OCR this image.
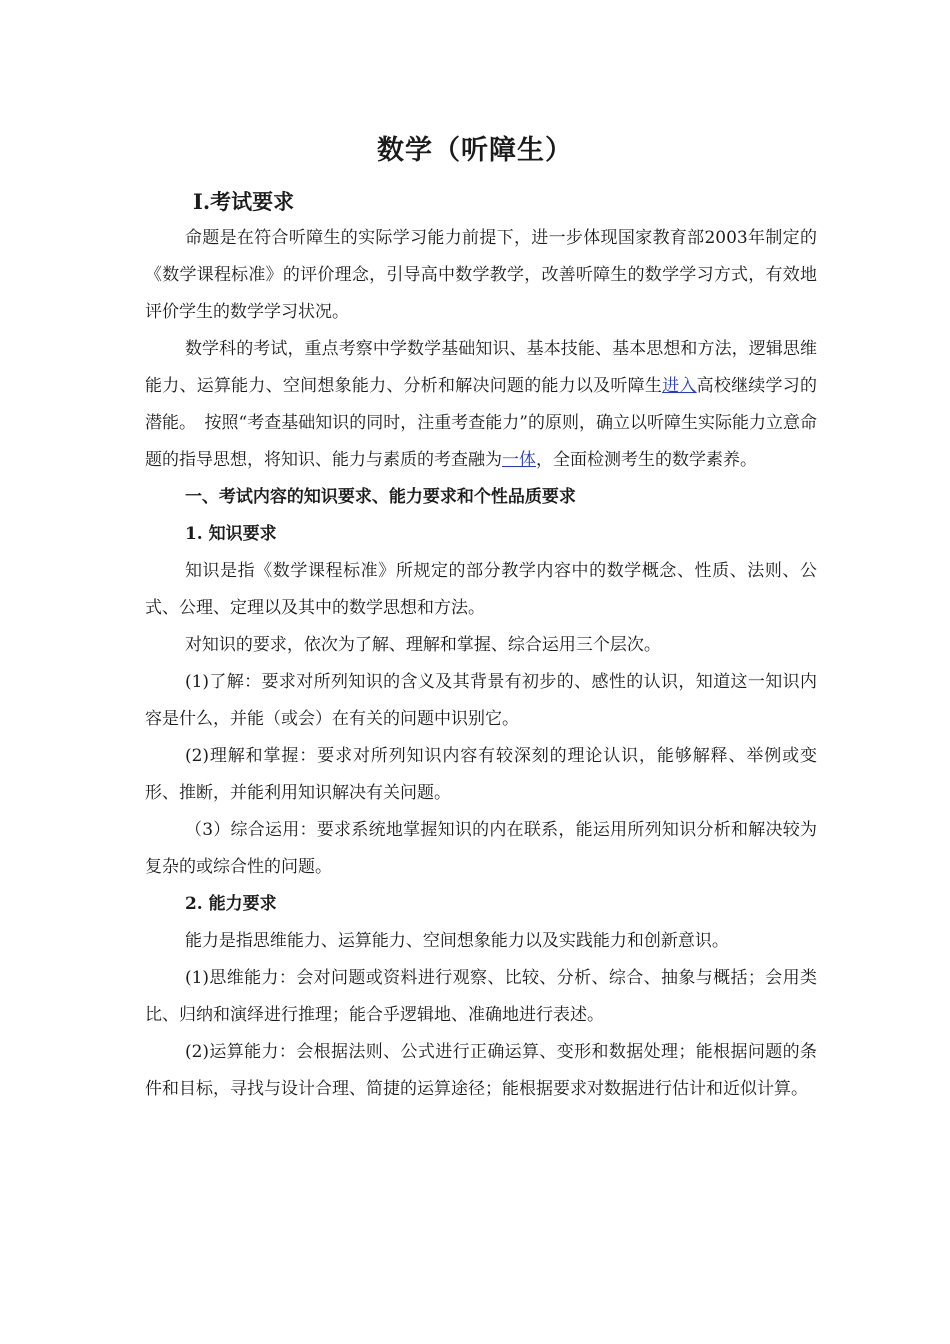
数学（听障生）
Ⅰ.考试要求

命题是在符合听障生的实际学习能力前提下，进一步体现国家教育部2003年制定的《数学课程标准》的评价理念，引导高中数学教学，改善听障生的数学学习方式，有效地评价学生的数学学习状况。

数学科的考试，重点考察中学数学基础知识、基本技能、基本思想和方法，逻辑思维能力、运算能力、空间想象能力、分析和解决问题的能力以及听障生进入高校继续学习的潜能。　按照“考查基础知识的同时，注重考查能力”的原则，确立以听障生实际能力立意命题的指导思想，将知识、能力与素质的考查融为一体，全面检测考生的数学素养。

一、考试内容的知识要求、能力要求和个性品质要求

1. 知识要求

知识是指《数学课程标准》所规定的部分教学内容中的数学概念、性质、法则、公式、公理、定理以及其中的数学思想和方法。

对知识的要求，依次为了解、理解和掌握、综合运用三个层次。

(1)了解：要求对所列知识的含义及其背景有初步的、感性的认识，知道这一知识内容是什么，并能（或会）在有关的问题中识别它。

(2)理解和掌握：要求对所列知识内容有较深刻的理论认识，能够解释、举例或变形、推断，并能利用知识解决有关问题。

（3）综合运用：要求系统地掌握知识的内在联系，能运用所列知识分析和解决较为复杂的或综合性的问题。

2. 能力要求

能力是指思维能力、运算能力、空间想象能力以及实践能力和创新意识。

(1)思维能力：会对问题或资料进行观察、比较、分析、综合、抽象与概括；会用类比、归纳和演绎进行推理；能合乎逻辑地、准确地进行表述。

(2)运算能力：会根据法则、公式进行正确运算、变形和数据处理；能根据问题的条件和目标，寻找与设计合理、简捷的运算途径；能根据要求对数据进行估计和近似计算。
